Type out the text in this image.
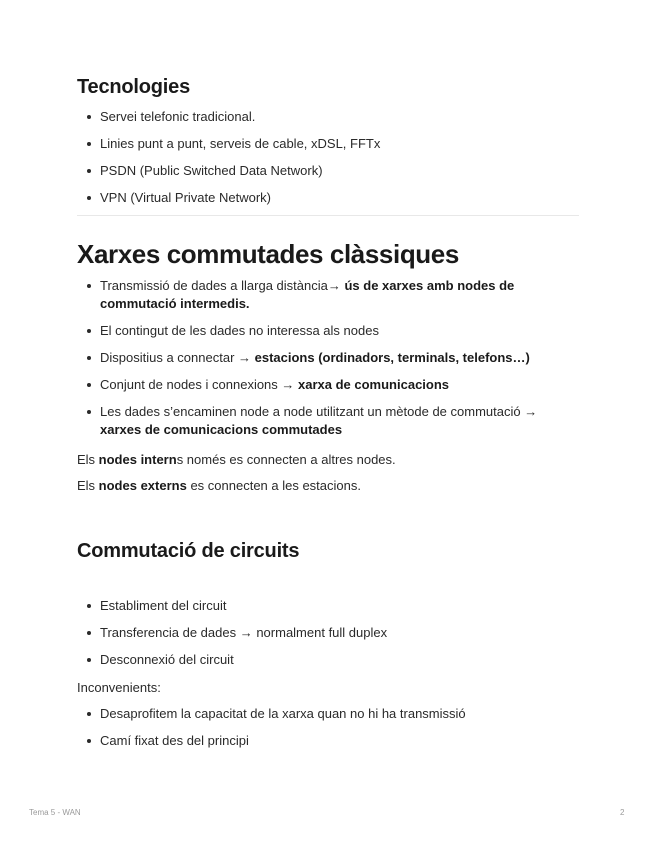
Tecnologies
Servei telefonic tradicional.
Linies punt a punt, serveis de cable, xDSL, FFTx
PSDN (Public Switched Data Network)
VPN (Virtual Private Network)
Xarxes commutades clàssiques
Transmissió de dades a llarga distància→ ús de xarxes amb nodes de commutació intermedis.
El contingut de les dades no interessa als nodes
Dispositius a connectar → estacions (ordinadors, terminals, telefons…)
Conjunt de nodes i connexions → xarxa de comunicacions
Les dades s’encaminen node a node utilitzant un mètode de commutació → xarxes de comunicacions commutades

Els nodes interns només es connecten a altres nodes.

Els nodes externs es connecten a les estacions.

Commutació de circuits
Establiment del circuit
Transferencia de dades → normalment full duplex
Desconnexió del circuit

Inconvenients:

Desaprofitem la capacitat de la xarxa quan no hi ha transmissió
Camí fixat des del principi
Tema 5 - WAN	2
